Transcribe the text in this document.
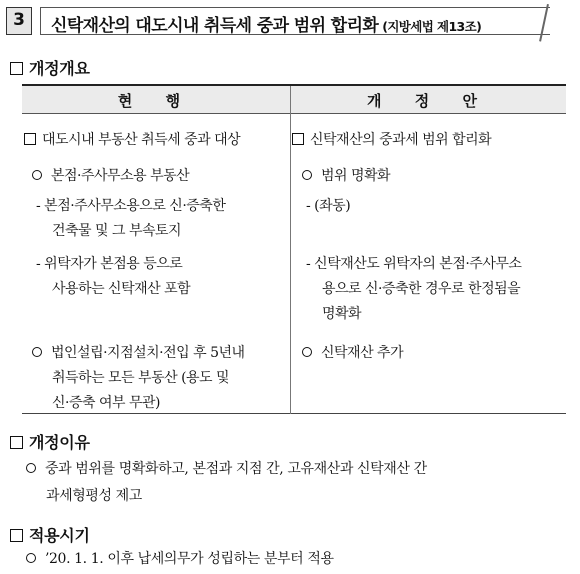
3	신탁재산의 대도시내 취득세 중과 범위 합리화 (지방세법 제13조)
개정개요
현 행	개 정 안
대도시내 부동산 취득세 중과 대상
본점·주사무소용 부동산
- 본점·주사무소용으로 신·증축한
건축물 및 그 부속토지
- 위탁자가 본점용 등으로
사용하는 신탁재산 포함
법인설립·지점설치·전입 후 5년내
취득하는 모든 부동산 (용도 및
신·증축 여부 무관)
신탁재산의 중과세 범위 합리화
범위 명확화
- (좌동)
- 신탁재산도 위탁자의 본점·주사무소
용으로 신·증축한 경우로 한정됨을
명확화
신탁재산 추가
개정이유
중과 범위를 명확화하고, 본점과 지점 간, 고유재산과 신탁재산 간
과세형평성 제고
적용시기
’20. 1. 1. 이후 납세의무가 성립하는 분부터 적용
